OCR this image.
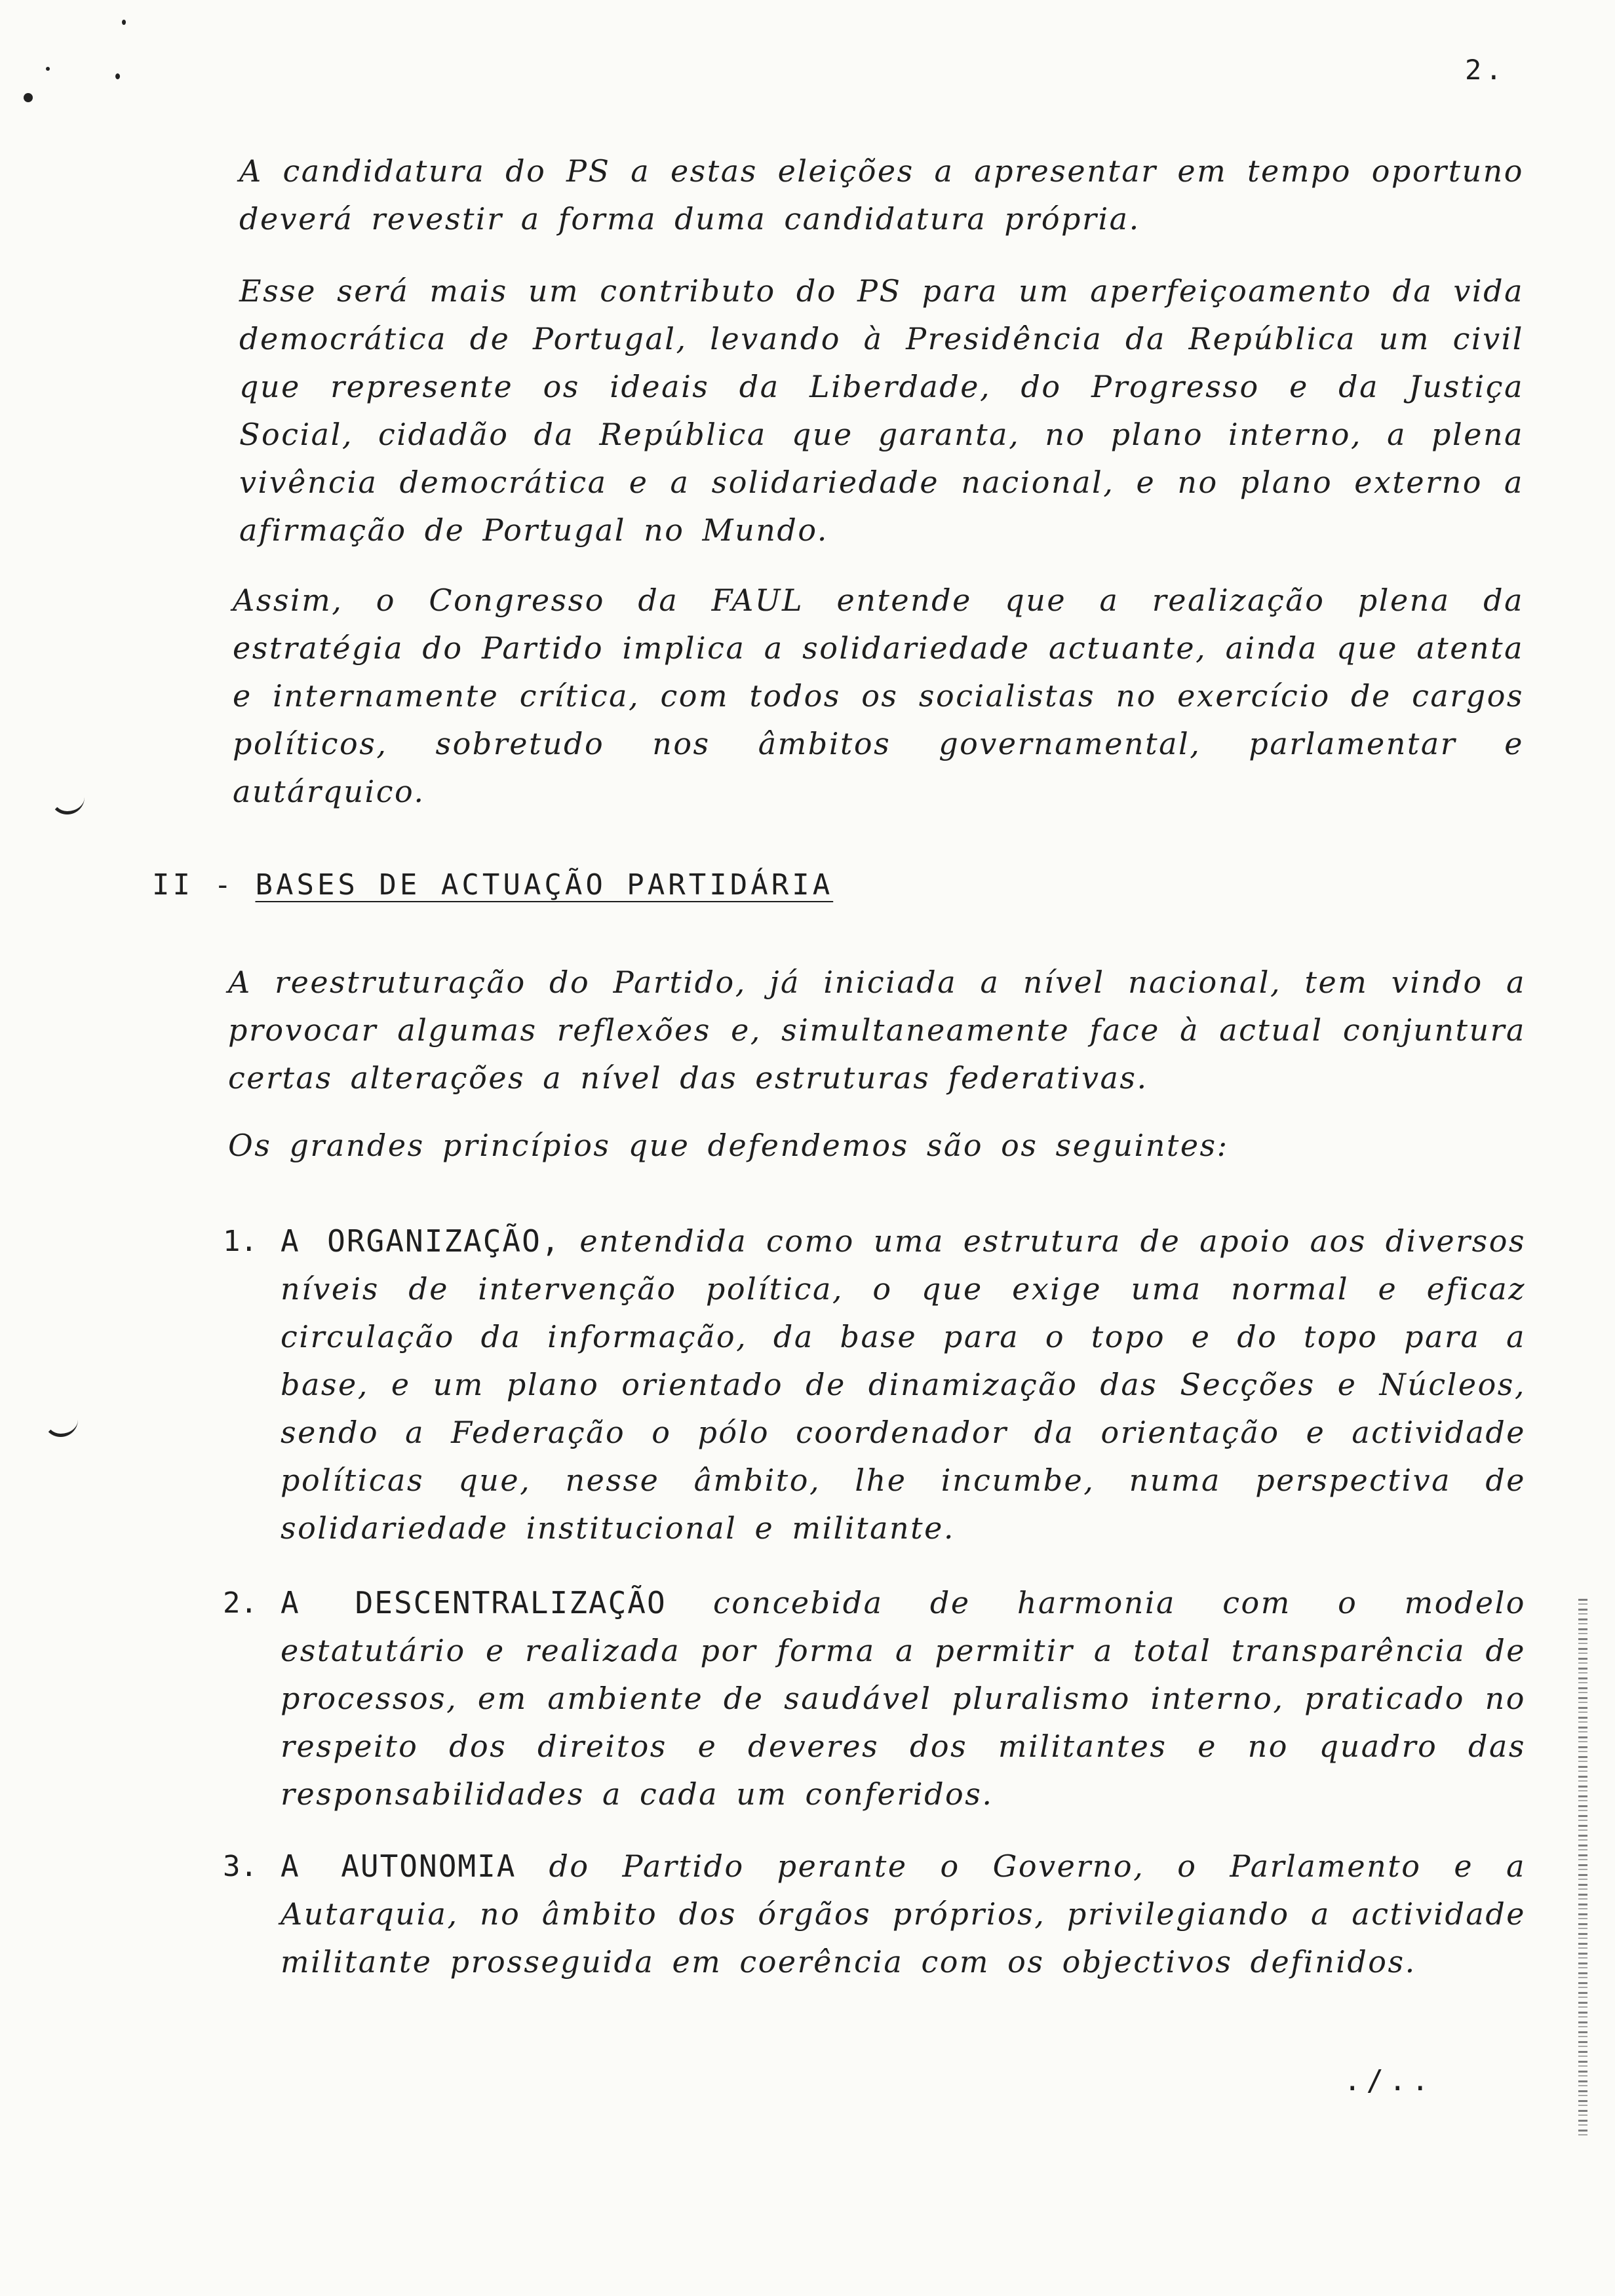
2.

A candidatura do PS a estas eleições a apresentar em tempo oportuno deverá revestir a forma duma candidatura própria.

Esse será mais um contributo do PS para um aperfeiçoamento da vida democrática de Portugal, levando à Presidência da República um civil que represente os ideais da Liberdade, do Progresso e da Justiça Social, cidadão da República que garanta, no plano interno, a plena vivência democrática e a solidariedade nacional, e no plano externo a afirmação de Portugal no Mundo.

Assim, o Congresso da FAUL entende que a realização plena da estratégia do Partido implica a solidariedade actuante, ainda que atenta e internamente crítica, com todos os socialistas no exercício de cargos políticos, sobretudo nos âmbitos governamental, parlamentar e autárquico.

II - BASES DE ACTUAÇÃO PARTIDÁRIA

A reestruturação do Partido, já iniciada a nível nacional, tem vindo a provocar algumas reflexões e, simultaneamente face à actual conjuntura certas alterações a nível das estruturas federativas.

Os grandes princípios que defendemos são os seguintes:

1. A ORGANIZAÇÃO, entendida como uma estrutura de apoio aos diversos níveis de intervenção política, o que exige uma normal e eficaz circulação da informação, da base para o topo e do topo para a base, e um plano orientado de dinamização das Secções e Núcleos, sendo a Federação o pólo coordenador da orientação e actividade políticas que, nesse âmbito, lhe incumbe, numa perspectiva de solidariedade institucional e militante.

2. A DESCENTRALIZAÇÃO concebida de harmonia com o modelo estatutário e realizada por forma a permitir a total transparência de processos, em ambiente de saudável pluralismo interno, praticado no respeito dos direitos e deveres dos militantes e no quadro das responsabilidades a cada um conferidos.

3. A AUTONOMIA do Partido perante o Governo, o Parlamento e a Autarquia, no âmbito dos órgãos próprios, privilegiando a actividade militante prosseguida em coerência com os objectivos definidos.

./..
